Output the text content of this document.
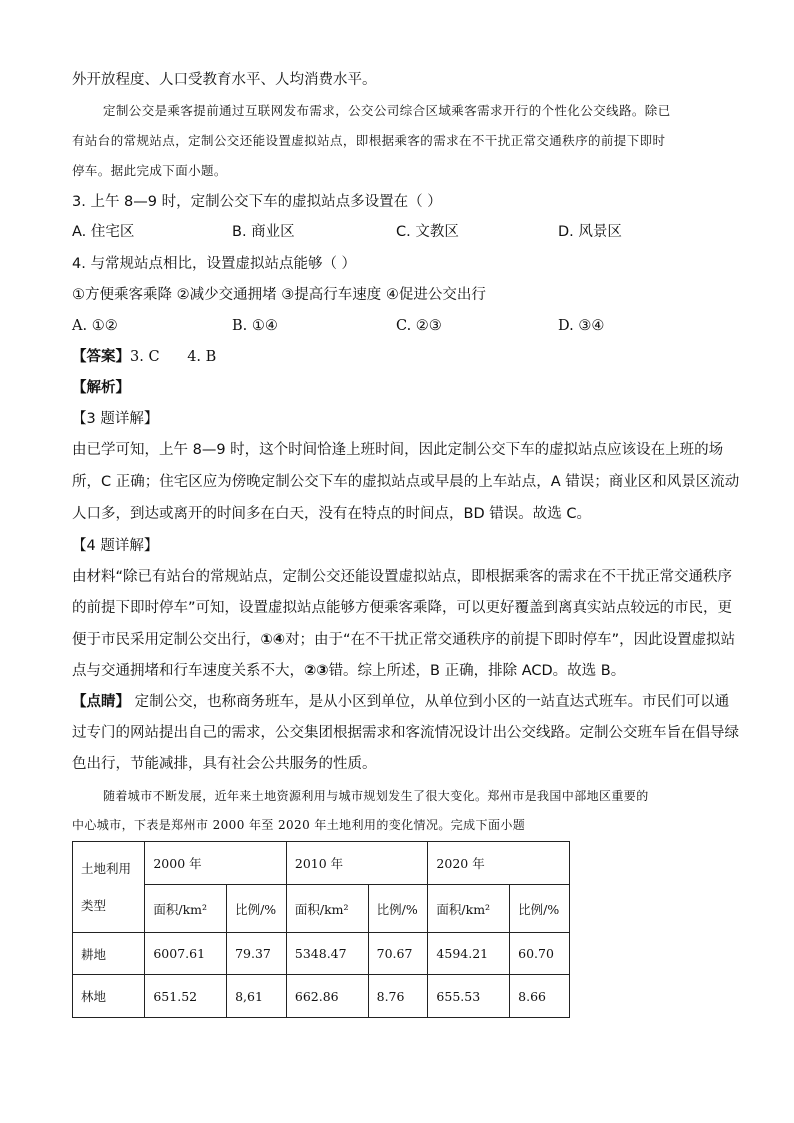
外开放程度、人口受教育水平、人均消费水平。
定制公交是乘客提前通过互联网发布需求，公交公司综合区域乘客需求开行的个性化公交线路。除已
有站台的常规站点，定制公交还能设置虚拟站点，即根据乘客的需求在不干扰正常交通秩序的前提下即时
停车。据此完成下面小题。
3. 上午 8—9 时，定制公交下车的虚拟站点多设置在（ ）
A. 住宅区	B. 商业区	C. 文教区	D. 风景区
4. 与常规站点相比，设置虚拟站点能够（ ）
①方便乘客乘降 ②减少交通拥堵 ③提高行车速度 ④促进公交出行
A. ①②	B. ①④	C. ②③	D. ③④
【答案】3. C      4. B
【解析】
【3 题详解】
由已学可知，上午 8—9 时，这个时间恰逢上班时间，因此定制公交下车的虚拟站点应该设在上班的场
所，C 正确；住宅区应为傍晚定制公交下车的虚拟站点或早晨的上车站点，A 错误；商业区和风景区流动
人口多，到达或离开的时间多在白天，没有在特点的时间点，BD 错误。故选 C。
【4 题详解】
由材料“除已有站台的常规站点，定制公交还能设置虚拟站点，即根据乘客的需求在不干扰正常交通秩序
的前提下即时停车”可知，设置虚拟站点能够方便乘客乘降，可以更好覆盖到离真实站点较远的市民，更
便于市民采用定制公交出行，①④对；由于“在不干扰正常交通秩序的前提下即时停车”，因此设置虚拟站
点与交通拥堵和行车速度关系不大，②③错。综上所述，B 正确，排除 ACD。故选 B。
【点睛】 定制公交，也称商务班车，是从小区到单位，从单位到小区的一站直达式班车。市民们可以通
过专门的网站提出自己的需求，公交集团根据需求和客流情况设计出公交线路。定制公交班车旨在倡导绿
色出行，节能减排，具有社会公共服务的性质。
随着城市不断发展，近年来土地资源利用与城市规划发生了很大变化。郑州市是我国中部地区重要的
中心城市，下表是郑州市 2000 年至 2020 年土地利用的变化情况。完成下面小题
土地利用
类型	2000 年		2010 年		2020 年	
	面积/km²	比例/%	面积/km²	比例/%	面积/km²	比例/%
耕地	6007.61	79.37	5348.47	70.67	4594.21	60.70
林地	651.52	8,61	662.86	8.76	655.53	8.66
